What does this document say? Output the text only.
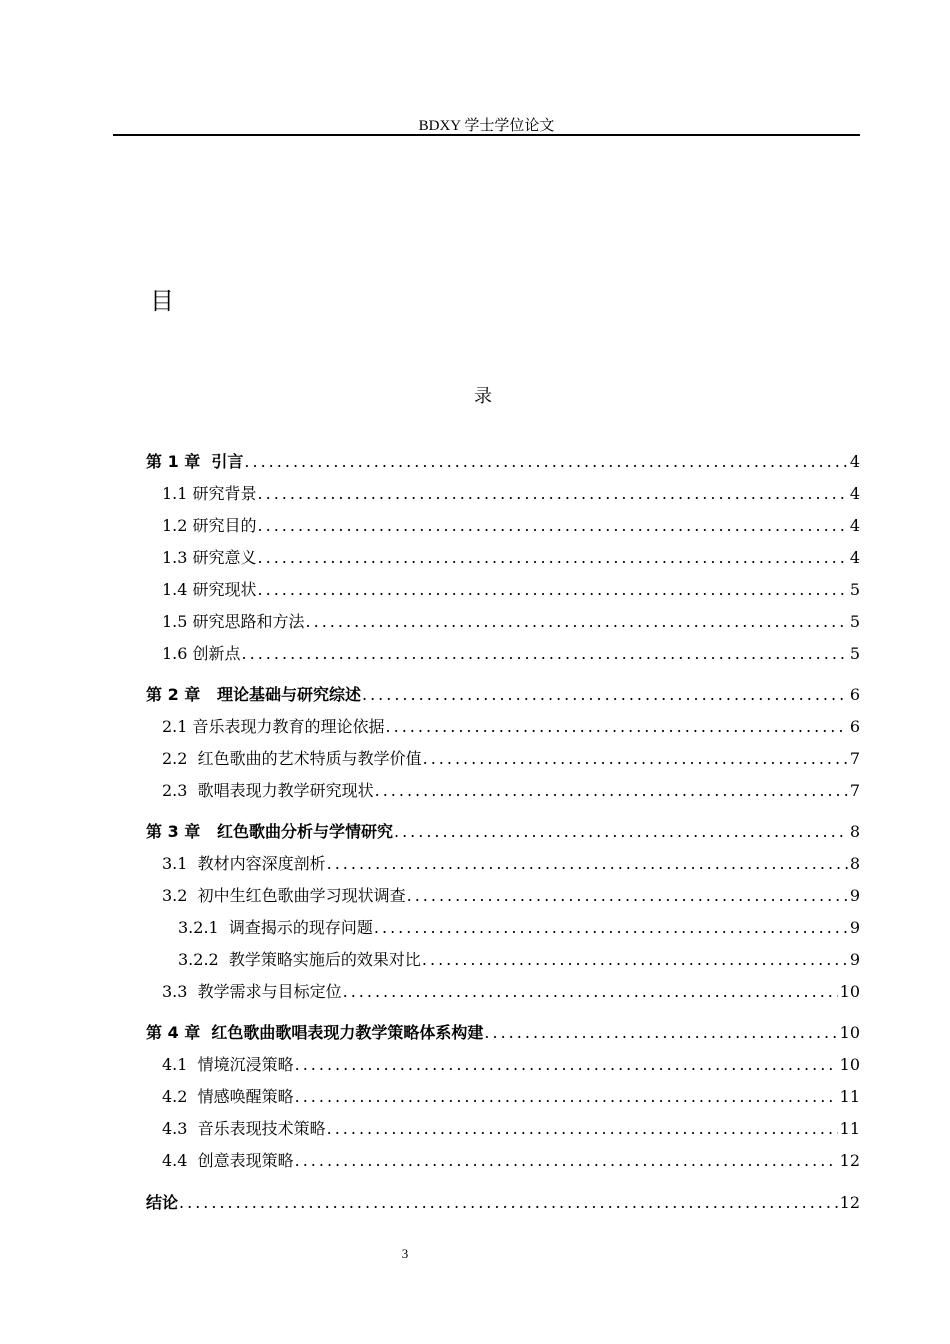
BDXY 学士学位论文
目
录
第 1 章  引言 .....	4
1.1 研究背景 .....	4
1.2 研究目的 .....	4
1.3 研究意义 .....	4
1.4 研究现状 .....	5
1.5 研究思路和方法 .....	5
1.6 创新点 .....	5
第 2 章   理论基础与研究综述 .....	6
2.1 音乐表现力教育的理论依据 .....	6
2.2  红色歌曲的艺术特质与教学价值 .....	7
2.3  歌唱表现力教学研究现状 .....	7
第 3 章   红色歌曲分析与学情研究 .....	8
3.1  教材内容深度剖析 .....	8
3.2  初中生红色歌曲学习现状调查 .....	9
3.2.1  调查揭示的现存问题 .....	9
3.2.2  教学策略实施后的效果对比 .....	9
3.3  教学需求与目标定位 .....	10
第 4 章  红色歌曲歌唱表现力教学策略体系构建 .....	10
4.1  情境沉浸策略 .....	10
4.2  情感唤醒策略 .....	11
4.3  音乐表现技术策略 .....	11
4.4  创意表现策略 .....	12
结论 .....	12
3
